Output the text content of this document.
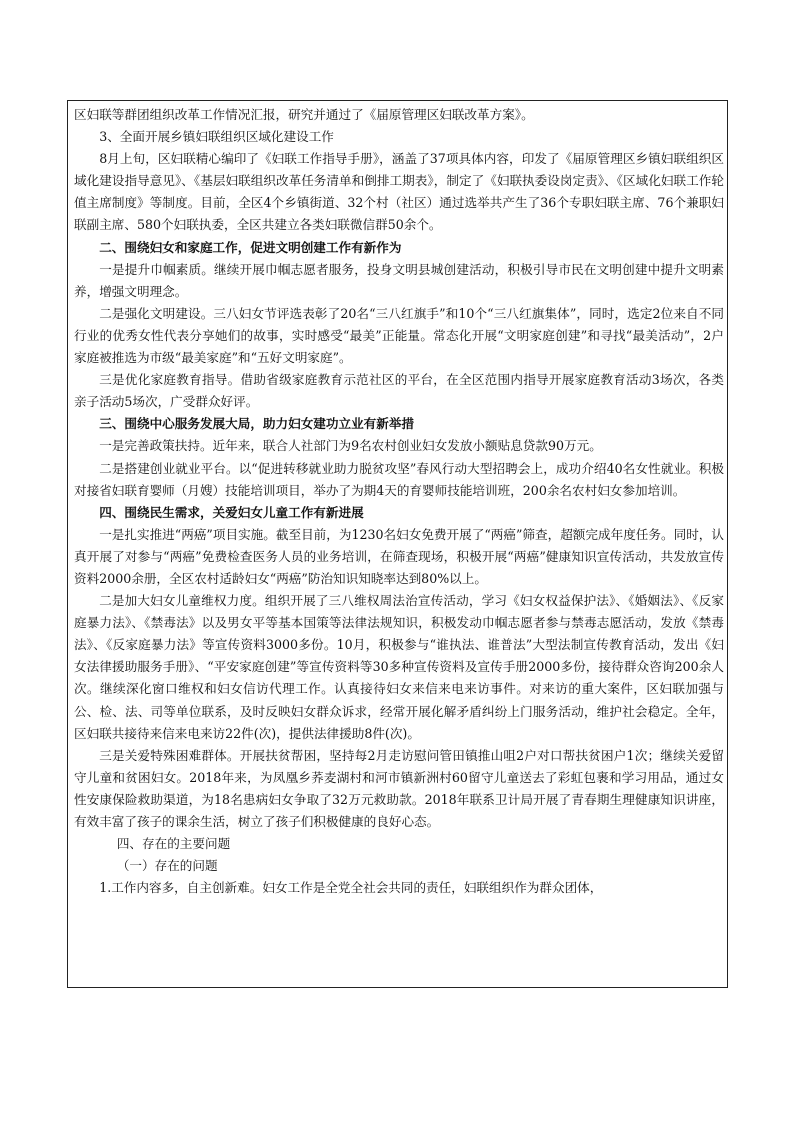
区妇联等群团组织改革工作情况汇报，研究并通过了《届原管理区妇联改革方案》。

3、全面开展乡镇妇联组织区域化建设工作

8月上旬，区妇联精心编印了《妇联工作指导手册》，涵盖了37项具体内容，印发了《届原管理区乡镇妇联组织区域化建设指导意见》、《基层妇联组织改革任务清单和倒排工期表》，制定了《妇联执委设岗定责》、《区域化妇联工作轮值主席制度》等制度。目前，全区4个乡镇街道、32个村（社区）通过选举共产生了36个专职妇联主席、76个兼职妇联副主席、580个妇联执委，全区共建立各类妇联微信群50余个。

二、围绕妇女和家庭工作，促进文明创建工作有新作为

一是提升巾帼素质。继续开展巾帼志愿者服务，投身文明县城创建活动，积极引导市民在文明创建中提升文明素养，增强文明理念。

二是强化文明建设。三八妇女节评选表彰了20名“三八红旗手”和10个“三八红旗集体”，同时，选定2位来自不同行业的优秀女性代表分享她们的故事，实时感受“最美”正能量。常态化开展“文明家庭创建”和寻找“最美活动”，2户家庭被推选为市级“最美家庭”和“五好文明家庭”。

三是优化家庭教育指导。借助省级家庭教育示范社区的平台，在全区范围内指导开展家庭教育活动3场次，各类亲子活动5场次，广受群众好评。

三、围绕中心服务发展大局，助力妇女建功立业有新举措

一是完善政策扶持。近年来，联合人社部门为9名农村创业妇女发放小额贴息贷款90万元。

二是搭建创业就业平台。以“促进转移就业助力脱贫攻坚”春风行动大型招聘会上，成功介绍40名女性就业。积极对接省妇联育婴师（月嫂）技能培训项目，举办了为期4天的育婴师技能培训班，200余名农村妇女参加培训。

四、围绕民生需求，关爱妇女儿童工作有新进展

一是扎实推进“两癌”项目实施。截至目前，为1230名妇女免费开展了“两癌”筛查，超额完成年度任务。同时，认真开展了对参与“两癌”免费检查医务人员的业务培训，在筛查现场，积极开展“两癌”健康知识宣传活动，共发放宣传资料2000余册，全区农村适龄妇女“两癌”防治知识知晓率达到80%以上。

二是加大妇女儿童维权力度。组织开展了三八维权周法治宣传活动，学习《妇女权益保护法》、《婚姻法》、《反家庭暴力法》、《禁毒法》以及男女平等基本国策等法律法规知识，积极发动巾帼志愿者参与禁毒志愿活动，发放《禁毒法》、《反家庭暴力法》等宣传资料3000多份。10月，积极参与“谁执法、谁普法”大型法制宣传教育活动，发出《妇女法律援助服务手册》、“平安家庭创建”等宣传资料等30多种宣传资料及宣传手册2000多份，接待群众咨询200余人次。继续深化窗口维权和妇女信访代理工作。认真接待妇女来信来电来访事件。对来访的重大案件，区妇联加强与公、检、法、司等单位联系，及时反映妇女群众诉求，经常开展化解矛盾纠纷上门服务活动，维护社会稳定。全年，区妇联共接待来信来电来访22件(次)，提供法律援助8件(次)。

三是关爱特殊困难群体。开展扶贫帮困，坚持每2月走访慰问管田镇推山咀2户对口帮扶贫困户1次；继续关爱留守儿童和贫困妇女。2018年来，为凤凰乡荞麦湖村和河市镇新洲村60留守儿童送去了彩虹包裹和学习用品，通过女性安康保险救助渠道，为18名患病妇女争取了32万元救助款。2018年联系卫计局开展了青春期生理健康知识讲座，有效丰富了孩子的课余生活，树立了孩子们积极健康的良好心态。

四、存在的主要问题

（一）存在的问题

1.工作内容多，自主创新难。妇女工作是全党全社会共同的责任，妇联组织作为群众团体，
